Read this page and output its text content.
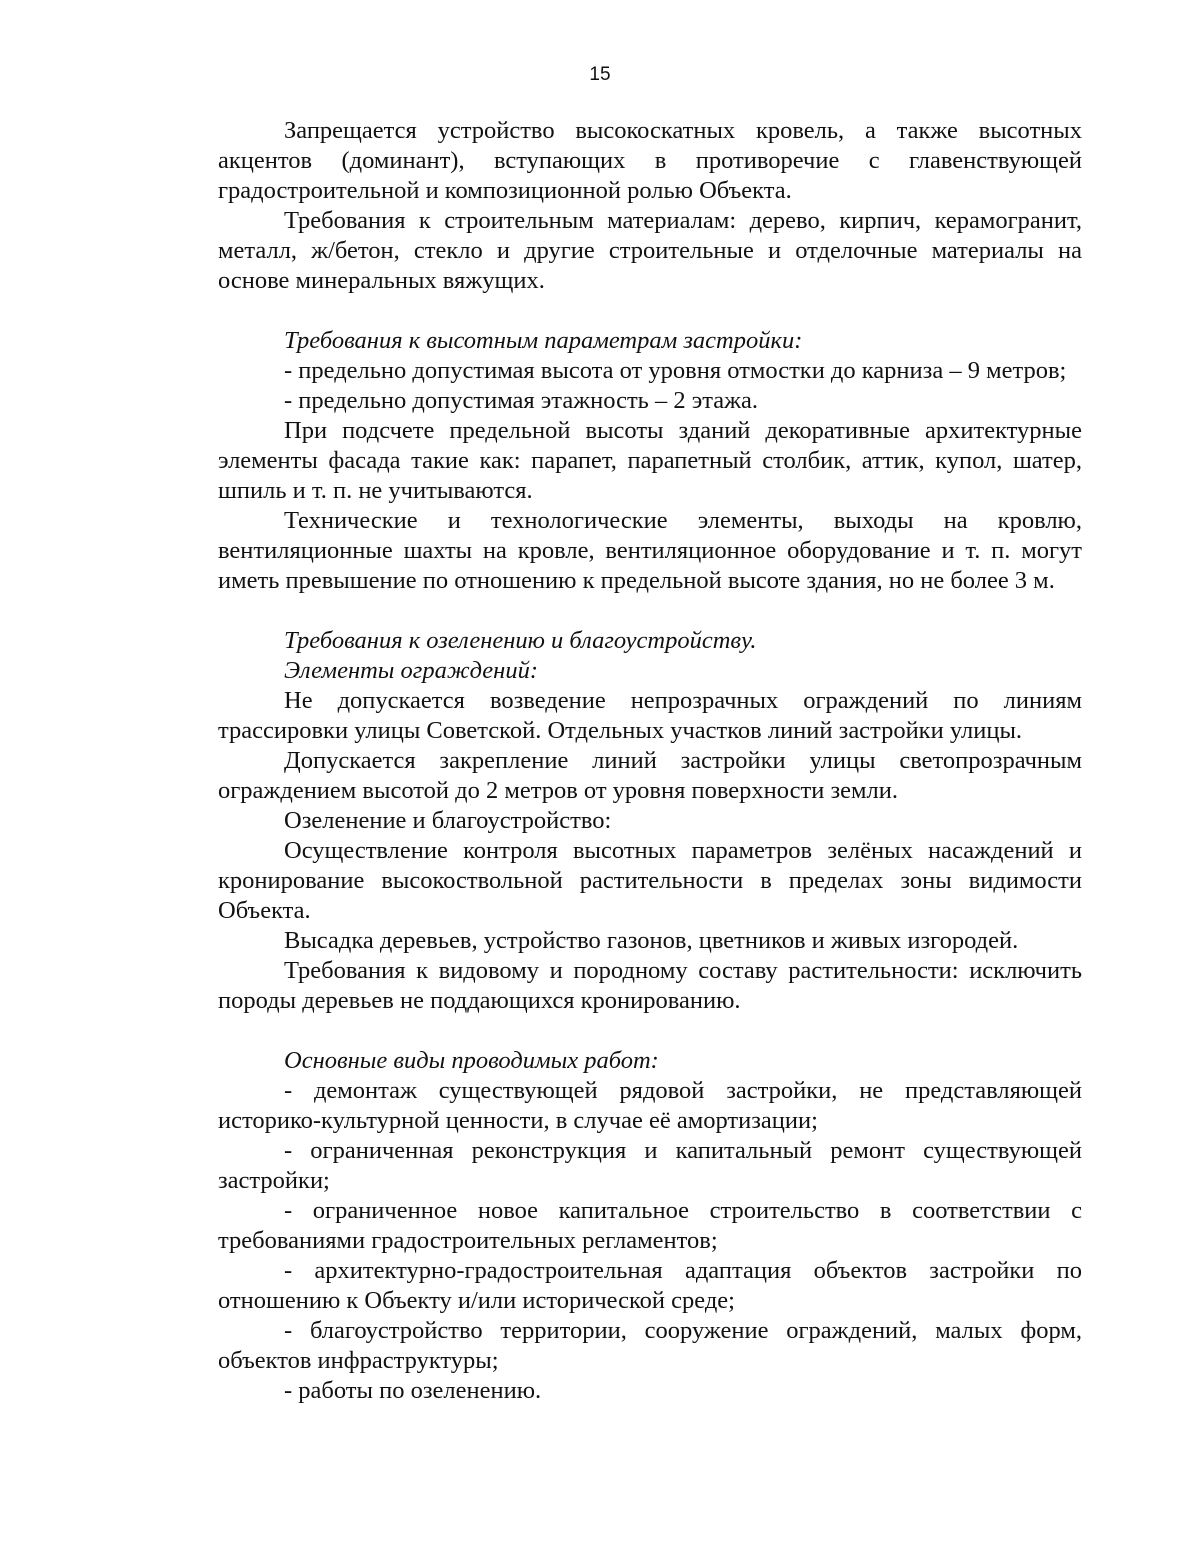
15

Запрещается устройство высокоскатных кровель, а также высотных акцентов (доминант), вступающих в противоречие с главенствующей градостроительной и композиционной ролью Объекта.

Требования к строительным материалам: дерево, кирпич, керамогранит, металл, ж/бетон, стекло и другие строительные и отделочные материалы на основе минеральных вяжущих.

Требования к высотным параметрам застройки:

- предельно допустимая высота от уровня отмостки до карниза – 9 метров;

- предельно допустимая этажность – 2 этажа.

При подсчете предельной высоты зданий декоративные архитектурные элементы фасада такие как: парапет, парапетный столбик, аттик, купол, шатер, шпиль и т. п. не учитываются.

Технические и технологические элементы, выходы на кровлю, вентиляционные шахты на кровле, вентиляционное оборудование и т. п. могут иметь превышение по отношению к предельной высоте здания, но не более 3 м.

Требования к озеленению и благоустройству.

Элементы ограждений:

Не допускается возведение непрозрачных ограждений по линиям трассировки улицы Советской. Отдельных участков линий застройки улицы.

Допускается закрепление линий застройки улицы светопрозрачным ограждением высотой до 2 метров от уровня поверхности земли.

Озеленение и благоустройство:

Осуществление контроля высотных параметров зелёных насаждений и кронирование высокоствольной растительности в пределах зоны видимости Объекта.

Высадка деревьев, устройство газонов, цветников и живых изгородей.

Требования к видовому и породному составу растительности: исключить породы деревьев не поддающихся кронированию.

Основные виды проводимых работ:

- демонтаж существующей рядовой застройки, не представляющей историко-культурной ценности, в случае её амортизации;

- ограниченная реконструкция и капитальный ремонт существующей застройки;

- ограниченное новое капитальное строительство в соответствии с требованиями градостроительных регламентов;

- архитектурно-градостроительная адаптация объектов застройки по отношению к Объекту и/или исторической среде;

- благоустройство территории, сооружение ограждений, малых форм, объектов инфраструктуры;

- работы по озеленению.
